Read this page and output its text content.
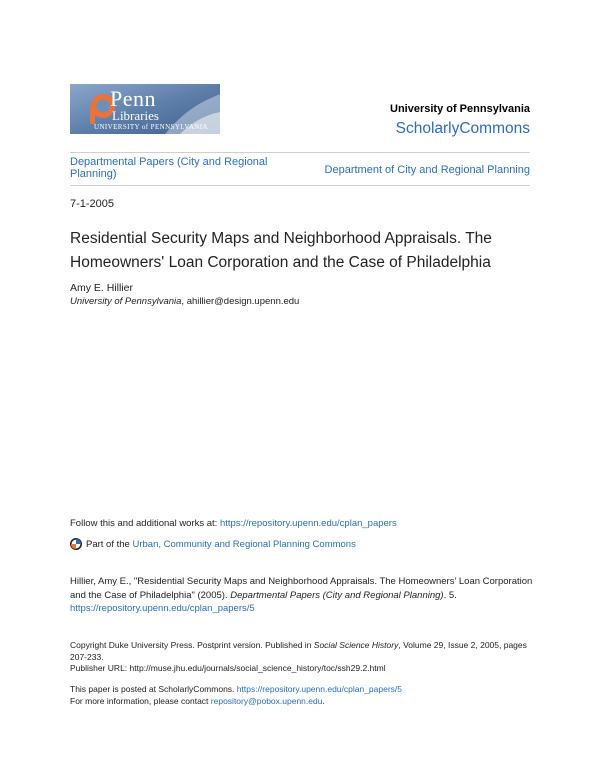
Penn
Libraries
UNIVERSITY of PENNSYLVANIA
University of Pennsylvania
ScholarlyCommons
Departmental Papers (City and Regional Planning)	Department of City and Regional Planning
7-1-2005
Residential Security Maps and Neighborhood Appraisals. The Homeowners' Loan Corporation and the Case of Philadelphia
Amy E. Hillier
University of Pennsylvania, ahillier@design.upenn.edu
Follow this and additional works at: https://repository.upenn.edu/cplan_papers
Part of the
Urban, Community and Regional Planning Commons
Hillier, Amy E., "Residential Security Maps and Neighborhood Appraisals. The Homeowners' Loan Corporation and the Case of Philadelphia" (2005). Departmental Papers (City and Regional Planning). 5.
https://repository.upenn.edu/cplan_papers/5
Copyright Duke University Press. Postprint version. Published in Social Science History, Volume 29, Issue 2, 2005, pages 207-233.
Publisher URL: http://muse.jhu.edu/journals/social_science_history/toc/ssh29.2.html
This paper is posted at ScholarlyCommons. https://repository.upenn.edu/cplan_papers/5
For more information, please contact repository@pobox.upenn.edu.
